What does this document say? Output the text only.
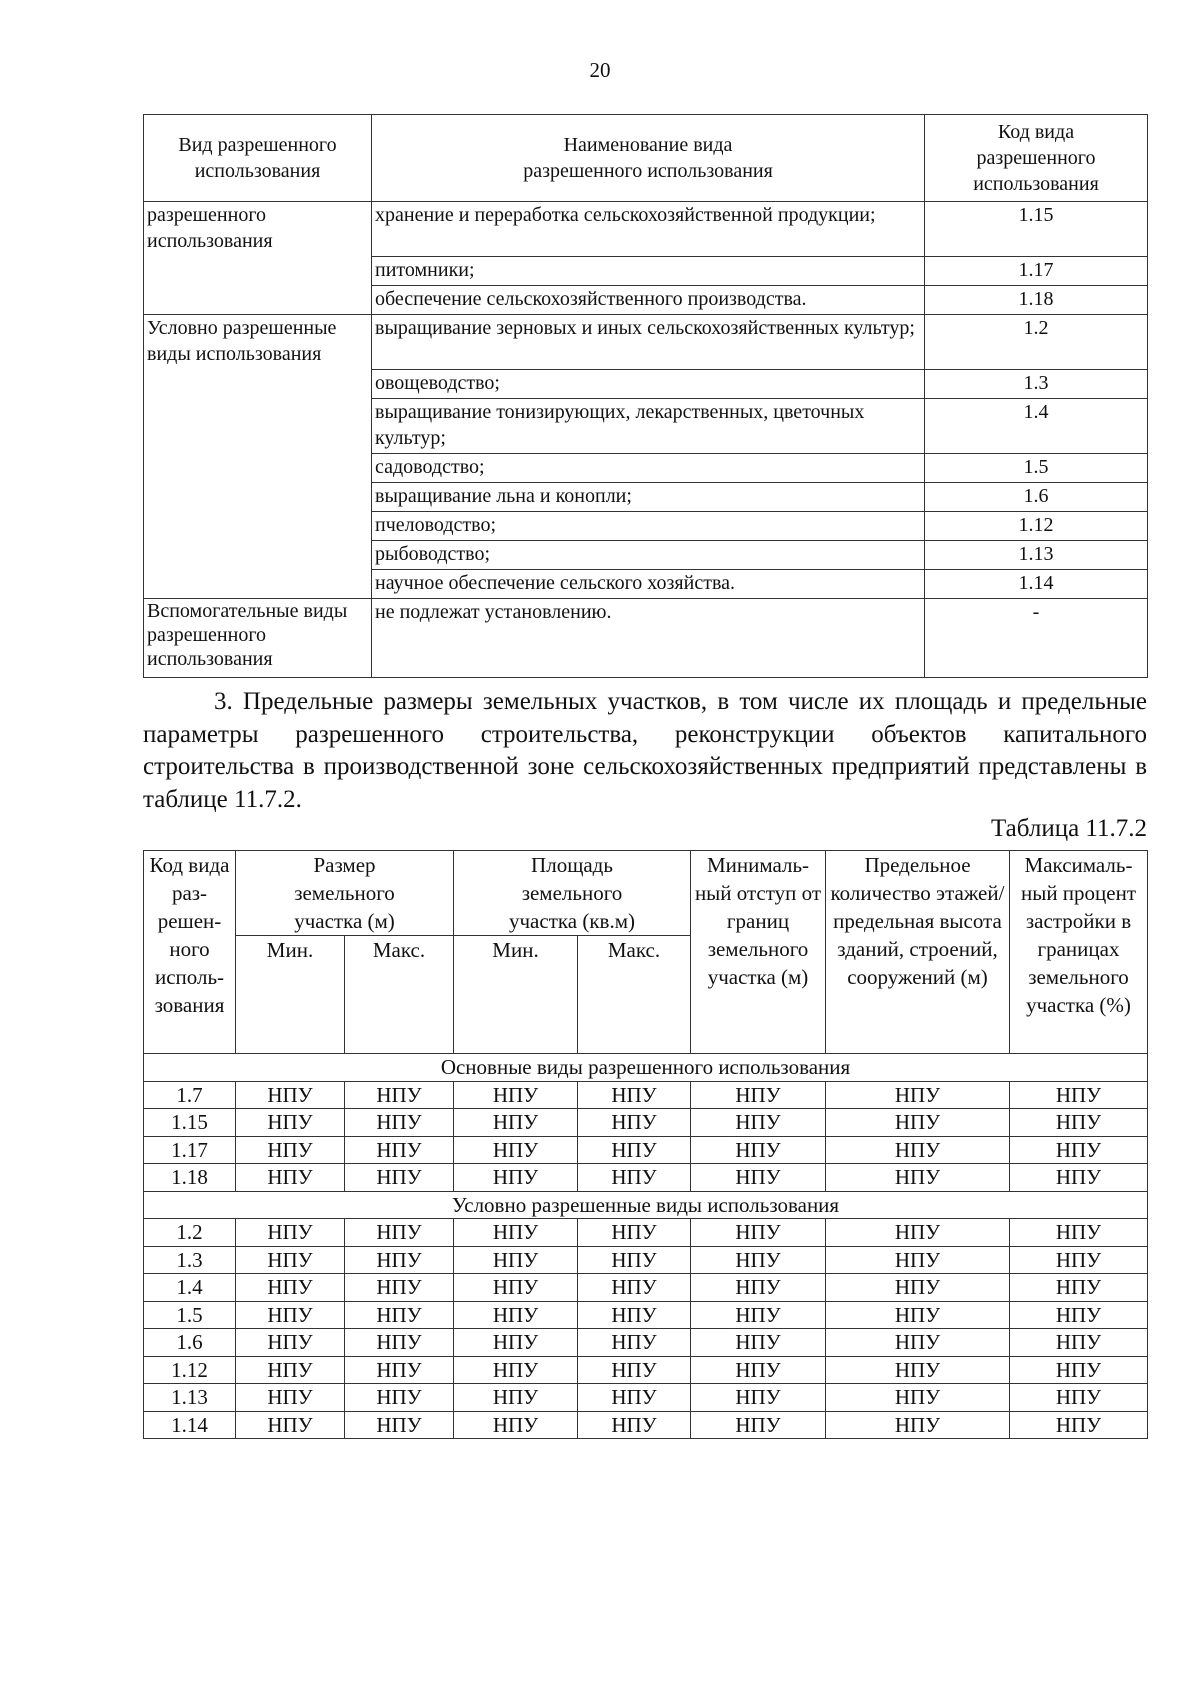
20
Вид разрешенного использования	Наименование вида разрешенного использования	Код вида разрешенного использования
разрешенного использования	хранение и переработка сельскохозяйственной продукции;	1.15
	питомники;	1.17
	обеспечение сельскохозяйственного производства.	1.18
Условно разрешенные виды использования	выращивание зерновых и иных сельскохозяйственных культур;	1.2
	овощеводство;	1.3
	выращивание тонизирующих, лекарственных, цветочных культур;	1.4
	садоводство;	1.5
	выращивание льна и конопли;	1.6
	пчеловодство;	1.12
	рыбоводство;	1.13
	научное обеспечение сельского хозяйства.	1.14
Вспомогательные виды разрешенного использования	не подлежат установлению.	-

3. Предельные размеры земельных участков, в том числе их площадь и предельные параметры разрешенного строительства, реконструкции объектов капитального строительства в производственной зоне сельскохозяйственных предприятий представлены в таблице 11.7.2.

Таблица 11.7.2

Код вида раз- решен- ного исполь- зования	Размер земельного участка (м)		Площадь земельного участка (кв.м)		Минималь- ный отступ от границ земельного участка (м)	Предельное количество этажей/ предельная высота зданий, строений, сооружений (м)	Максималь- ный процент застройки в границах земельного участка (%)
	Мин.	Макс.	Мин.	Макс.			
Основные виды разрешенного использования							
1.7	НПУ	НПУ	НПУ	НПУ	НПУ	НПУ	НПУ
1.15	НПУ	НПУ	НПУ	НПУ	НПУ	НПУ	НПУ
1.17	НПУ	НПУ	НПУ	НПУ	НПУ	НПУ	НПУ
1.18	НПУ	НПУ	НПУ	НПУ	НПУ	НПУ	НПУ
Условно разрешенные виды использования							
1.2	НПУ	НПУ	НПУ	НПУ	НПУ	НПУ	НПУ
1.3	НПУ	НПУ	НПУ	НПУ	НПУ	НПУ	НПУ
1.4	НПУ	НПУ	НПУ	НПУ	НПУ	НПУ	НПУ
1.5	НПУ	НПУ	НПУ	НПУ	НПУ	НПУ	НПУ
1.6	НПУ	НПУ	НПУ	НПУ	НПУ	НПУ	НПУ
1.12	НПУ	НПУ	НПУ	НПУ	НПУ	НПУ	НПУ
1.13	НПУ	НПУ	НПУ	НПУ	НПУ	НПУ	НПУ
1.14	НПУ	НПУ	НПУ	НПУ	НПУ	НПУ	НПУ
